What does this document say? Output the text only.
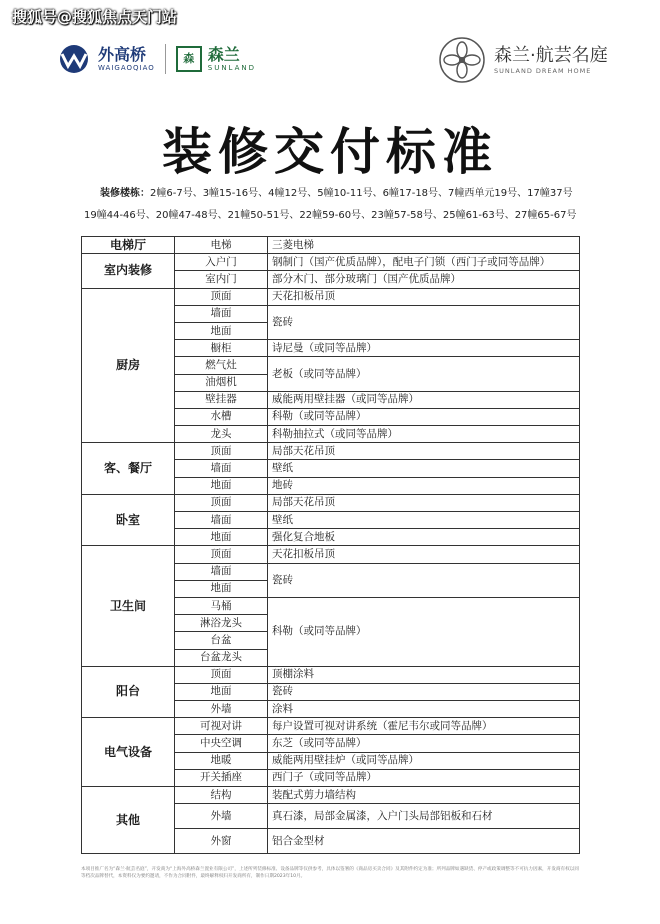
搜狐号@搜狐焦点天门站
外高桥
WAIGAOQIAO
森 森兰
SUNLAND
森兰·航芸名庭
SUNLAND DREAM HOME
装修交付标准
装修楼栋：2幢6-7号、3幢15-16号、4幢12号、5幢10-11号、6幢17-18号、7幢西单元19号、17幢37号
19幢44-46号、20幢47-48号、21幢50-51号、22幢59-60号、23幢57-58号、25幢61-63号、27幢65-67号
电梯厅	电梯	三菱电梯
室内装修	入户门	钢制门（国产优质品牌），配电子门锁（西门子或同等品牌）
	室内门	部分木门、部分玻璃门（国产优质品牌）
厨房	顶面	天花扣板吊顶
	墙面	瓷砖
	地面	
	橱柜	诗尼曼（或同等品牌）
	燃气灶	老板（或同等品牌）
	油烟机	
	壁挂器	威能两用壁挂器（或同等品牌）
	水槽	科勒（或同等品牌）
	龙头	科勒抽拉式（或同等品牌）
客、餐厅	顶面	局部天花吊顶
	墙面	壁纸
	地面	地砖
卧室	顶面	局部天花吊顶
	墙面	壁纸
	地面	强化复合地板
卫生间	顶面	天花扣板吊顶
	墙面	瓷砖
	地面	
	马桶	科勒（或同等品牌）
	淋浴龙头	
	台盆	
	台盆龙头	
阳台	顶面	顶棚涂料
	地面	瓷砖
	外墙	涂料
电气设备	可视对讲	每户设置可视对讲系统（霍尼韦尔或同等品牌）
	中央空调	东芝（或同等品牌）
	地暖	威能两用壁挂炉（或同等品牌）
	开关插座	西门子（或同等品牌）
其他	结构	装配式剪力墙结构
	外墙	真石漆，局部金属漆，入户门头局部铝板和石材
	外窗	铝合金型材
本项目推广名为“森兰·航芸名庭”，开发商为“上海外高桥森兰置业有限公司”，上述所列装修标准、设备品牌等仅供参考，具体以签署的《商品房买卖合同》及其附件约定为准；所列品牌如遇缺货、停产或政策调整等不可抗力因素，开发商有权以同等档次品牌替代，本资料仅为要约邀请，不作为合同附件，最终解释权归开发商所有，制作日期2023年10月。
